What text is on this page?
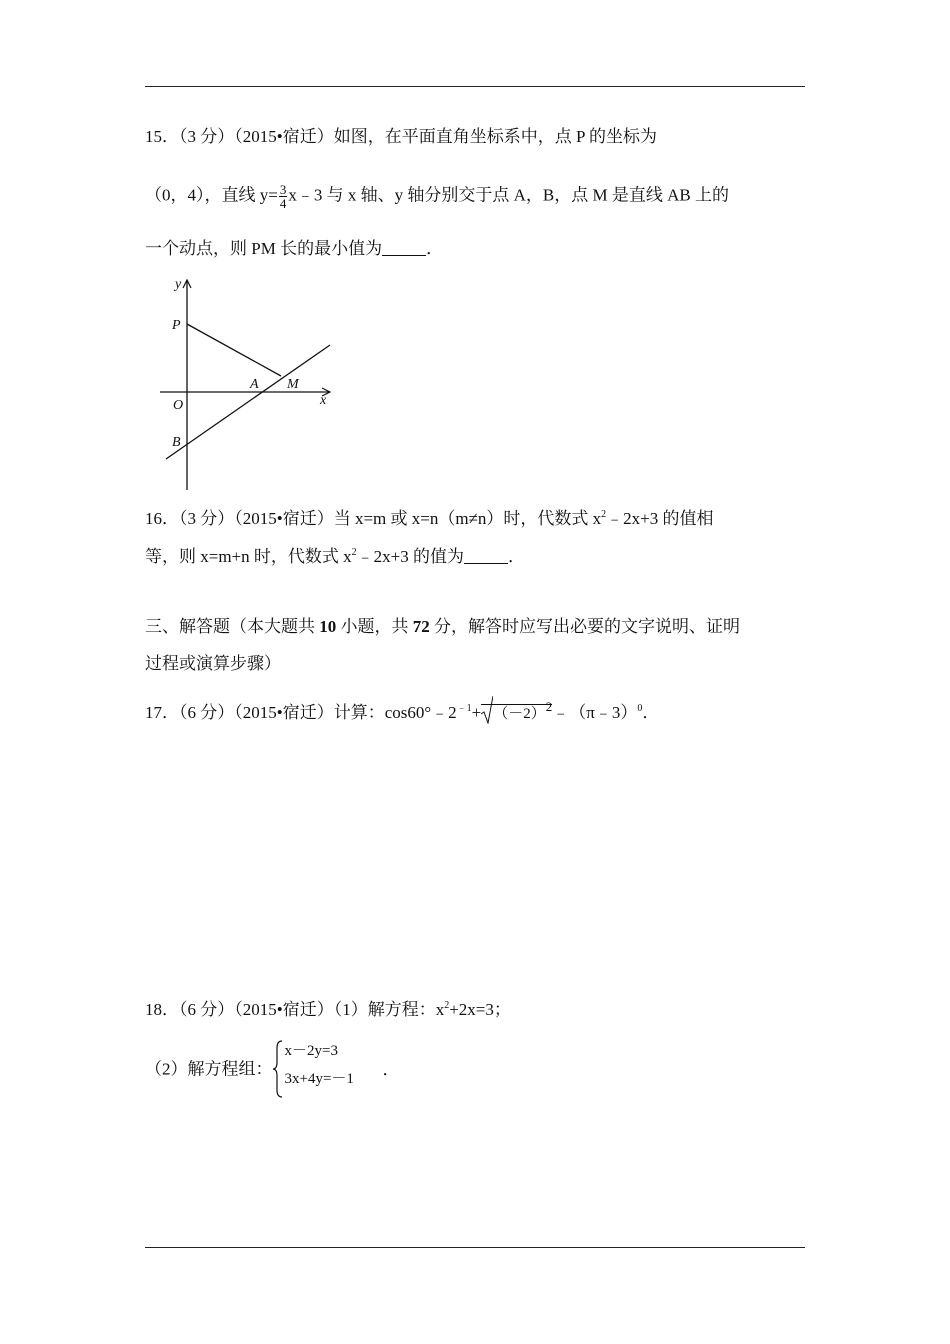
15．（3 分）（2015•宿迁）如图，在平面直角坐标系中，点 P 的坐标为
（0，4），直线 $y= \frac{3}{4}$ x﹣3 与 x 轴、y 轴分别交于点 A，B，点 M 是直线 AB 上的
一个动点，则 PM 长的最小值为	．
y
x
P
O
A M
B
16．（3 分）（2015•宿迁）当 x=m 或 x=n（m≠n）时，代数式 $x^2﹣2x+3$ 的值相
等，则 x=m+n 时，代数式 $x^2﹣2x+3$ 的值为	．
三、解答题（本大题共 10 小题，共 72 分，解答时应写出必要的文字说明、证明
过程或演算步骤）
17．（6 分）（2015•宿迁）计算：$\cos 60^\circ﹣2^{﹣1}+$ $(-2)^2﹣(\pi﹣3)^0$．
18．（6 分）（2015•宿迁）（1）解方程：$x^2+2x=3$；
（2）解方程组：
x－2y=3
3x+4y=－1
．
